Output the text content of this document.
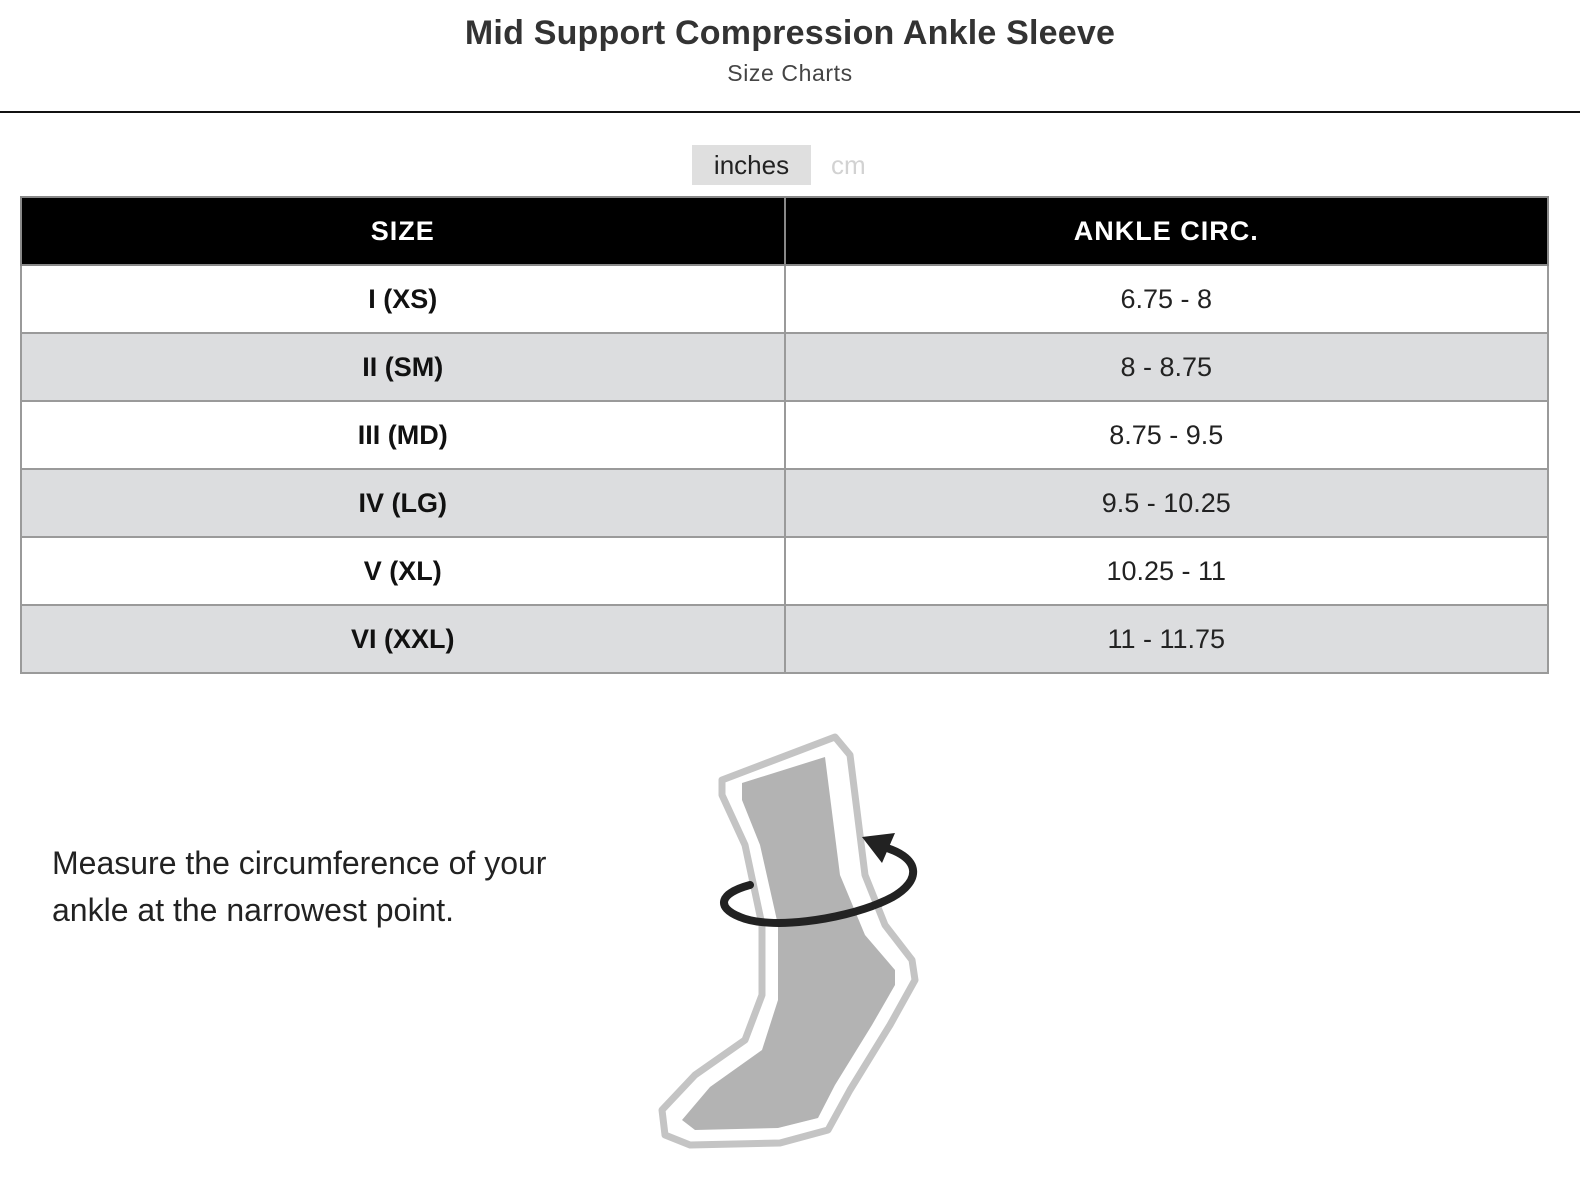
Mid Support Compression Ankle Sleeve
Size Charts
inches	cm
SIZE	ANKLE CIRC.
I (XS)	6.75 - 8
II (SM)	8 - 8.75
III (MD)	8.75 - 9.5
IV (LG)	9.5 - 10.25
V (XL)	10.25 - 11
VI (XXL)	11 - 11.75
Measure the circumference of your
ankle at the narrowest point.
